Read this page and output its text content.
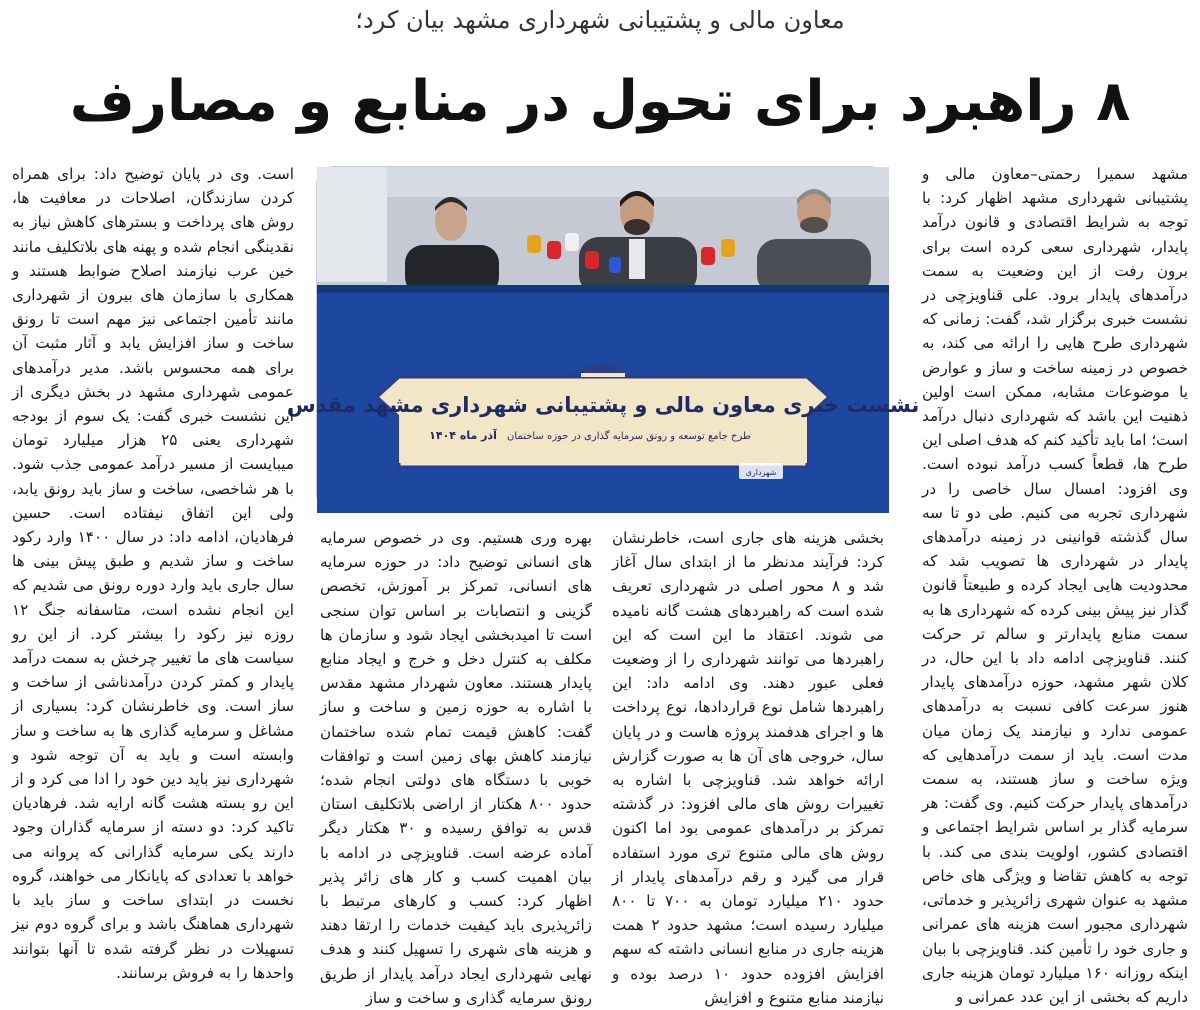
معاون مالی و پشتیبانی شهرداری مشهد بیان کرد؛
۸ راهبرد برای تحول در منابع و مصارف

مشهد سمیرا رحمتی–معاون مالی و پشتیبانی شهرداری مشهد اظهار کرد: با توجه به شرایط اقتصادی و قانون درآمد پایدار، شهرداری سعی کرده است برای برون رفت از این وضعیت به سمت درآمدهای پایدار برود. علی قناویزچی در نشست خبری برگزار شد، گفت: زمانی که شهرداری طرح هایی را ارائه می کند، به خصوص در زمینه ساخت و ساز و عوارض یا موضوعات مشابه، ممکن است اولین ذهنیت این باشد که شهرداری دنبال درآمد است؛ اما باید تأکید کنم که هدف اصلی این طرح ها، قطعاً کسب درآمد نبوده است. وی افزود: امسال سال خاصی را در شهرداری تجربه می کنیم. طی دو تا سه سال گذشته قوانینی در زمینه درآمدهای پایدار در شهرداری ها تصویب شد که محدودیت هایی ایجاد کرده و طبیعتاً قانون گذار نیز پیش بینی کرده که شهرداری ها به سمت منابع پایدارتر و سالم تر حرکت کنند. قناویزچی ادامه داد با این حال، در کلان شهر مشهد، حوزه درآمدهای پایدار هنوز سرعت کافی نسبت به درآمدهای عمومی ندارد و نیازمند یک زمان میان مدت است. باید از سمت درآمدهایی که ویژه ساخت و ساز هستند، به سمت درآمدهای پایدار حرکت کنیم. وی گفت: هر سرمایه گذار بر اساس شرایط اجتماعی و اقتصادی کشور، اولویت بندی می کند. با توجه به کاهش تقاضا و ویژگی های خاص مشهد به عنوان شهری زائرپذیر و خدماتی، شهرداری مجبور است هزینه های عمرانی و جاری خود را تأمین کند. قناویزچی با بیان اینکه روزانه ۱۶۰ میلیارد تومان هزینه جاری داریم که بخشی از این عدد عمرانی و

نشست خبری معاون مالی و پشتیبانی شهرداری مشهد مقدس
طرح جامع توسعه و رونق سرمایه گذاری در حوزه ساختمان
آذر ماه ۱۴۰۴
شهرداری

بخشی هزینه های جاری است، خاطرنشان کرد: فرآیند مدنظر ما از ابتدای سال آغاز شد و ۸ محور اصلی در شهرداری تعریف شده است که راهبردهای هشت گانه نامیده می شوند. اعتقاد ما این است که این راهبردها می توانند شهرداری را از وضعیت فعلی عبور دهند. وی ادامه داد: این راهبردها شامل نوع قراردادها، نوع پرداخت ها و اجرای هدفمند پروژه هاست و در پایان سال، خروجی های آن ها به صورت گزارش ارائه خواهد شد. قناویزچی با اشاره به تغییرات روش های مالی افزود: در گذشته تمرکز بر درآمدهای عمومی بود اما اکنون روش های مالی متنوع تری مورد استفاده قرار می گیرد و رقم درآمدهای پایدار از حدود ۲۱۰ میلیارد تومان به ۷۰۰ تا ۸۰۰ میلیارد رسیده است؛ مشهد حدود ۲ همت هزینه جاری در منابع انسانی داشته که سهم افزایش افزوده حدود ۱۰ درصد بوده و نیازمند منابع متنوع و افزایش

بهره وری هستیم. وی در خصوص سرمایه های انسانی توضیح داد: در حوزه سرمایه های انسانی، تمرکز بر آموزش، تخصص گزینی و انتصابات بر اساس توان سنجی است تا امیدبخشی ایجاد شود و سازمان ها مکلف به کنترل دخل و خرج و ایجاد منابع پایدار هستند. معاون شهردار مشهد مقدس با اشاره به حوزه زمین و ساخت و ساز گفت: کاهش قیمت تمام شده ساختمان نیازمند کاهش بهای زمین است و توافقات خوبی با دستگاه های دولتی انجام شده؛ حدود ۸۰۰ هکتار از اراضی بلاتکلیف استان قدس به توافق رسیده و ۳۰ هکتار دیگر آماده عرضه است. قناویزچی در ادامه با بیان اهمیت کسب و کار های زائر پذیر اظهار کرد: کسب و کارهای مرتبط با زائرپذیری باید کیفیت خدمات را ارتقا دهند و هزینه های شهری را تسهیل کنند و هدف نهایی شهرداری ایجاد درآمد پایدار از طریق رونق سرمایه گذاری و ساخت و ساز

است. وی در پایان توضیح داد: برای همراه کردن سازندگان، اصلاحات در معافیت ها، روش های پرداخت و بسترهای کاهش نیاز به نقدینگی انجام شده و پهنه های بلاتکلیف مانند خین عرب نیازمند اصلاح ضوابط هستند و همکاری با سازمان های بیرون از شهرداری مانند تأمین اجتماعی نیز مهم است تا رونق ساخت و ساز افزایش یابد و آثار مثبت آن برای همه محسوس باشد. مدیر درآمدهای عمومی شهرداری مشهد در بخش دیگری از این نشست خبری گفت: یک سوم از بودجه شهرداری یعنی ۲۵ هزار میلیارد تومان میبایست از مسیر درآمد عمومی جذب شود. با هر شاخصی، ساخت و ساز باید رونق یابد، ولی این اتفاق نیفتاده است. حسین فرهادیان، ادامه داد: در سال ۱۴۰۰ وارد رکود ساخت و ساز شدیم و طبق پیش بینی ها سال جاری باید وارد دوره رونق می شدیم که این انجام نشده است، متاسفانه جنگ ۱۲ روزه نیز رکود را بیشتر کرد. از این رو سیاست های ما تغییر چرخش به سمت درآمد پایدار و کمتر کردن درآمدناشی از ساخت و ساز است. وی خاطرنشان کرد: بسیاری از مشاغل و سرمایه گذاری ها به ساخت و ساز وابسته است و باید به آن توجه شود و شهرداری نیز باید دین خود را ادا می کرد و از این رو بسته هشت گانه ارایه شد. فرهادیان تاکید کرد: دو دسته از سرمایه گذاران وجود دارند یکی سرمایه گذارانی که پروانه می خواهد با تعدادی که پایانکار می خواهند، گروه نخست در ابتدای ساخت و ساز باید با شهرداری هماهنگ باشد و برای گروه دوم نیز تسهیلات در نظر گرفته شده تا آنها بتوانند واحدها را به فروش برسانند.
